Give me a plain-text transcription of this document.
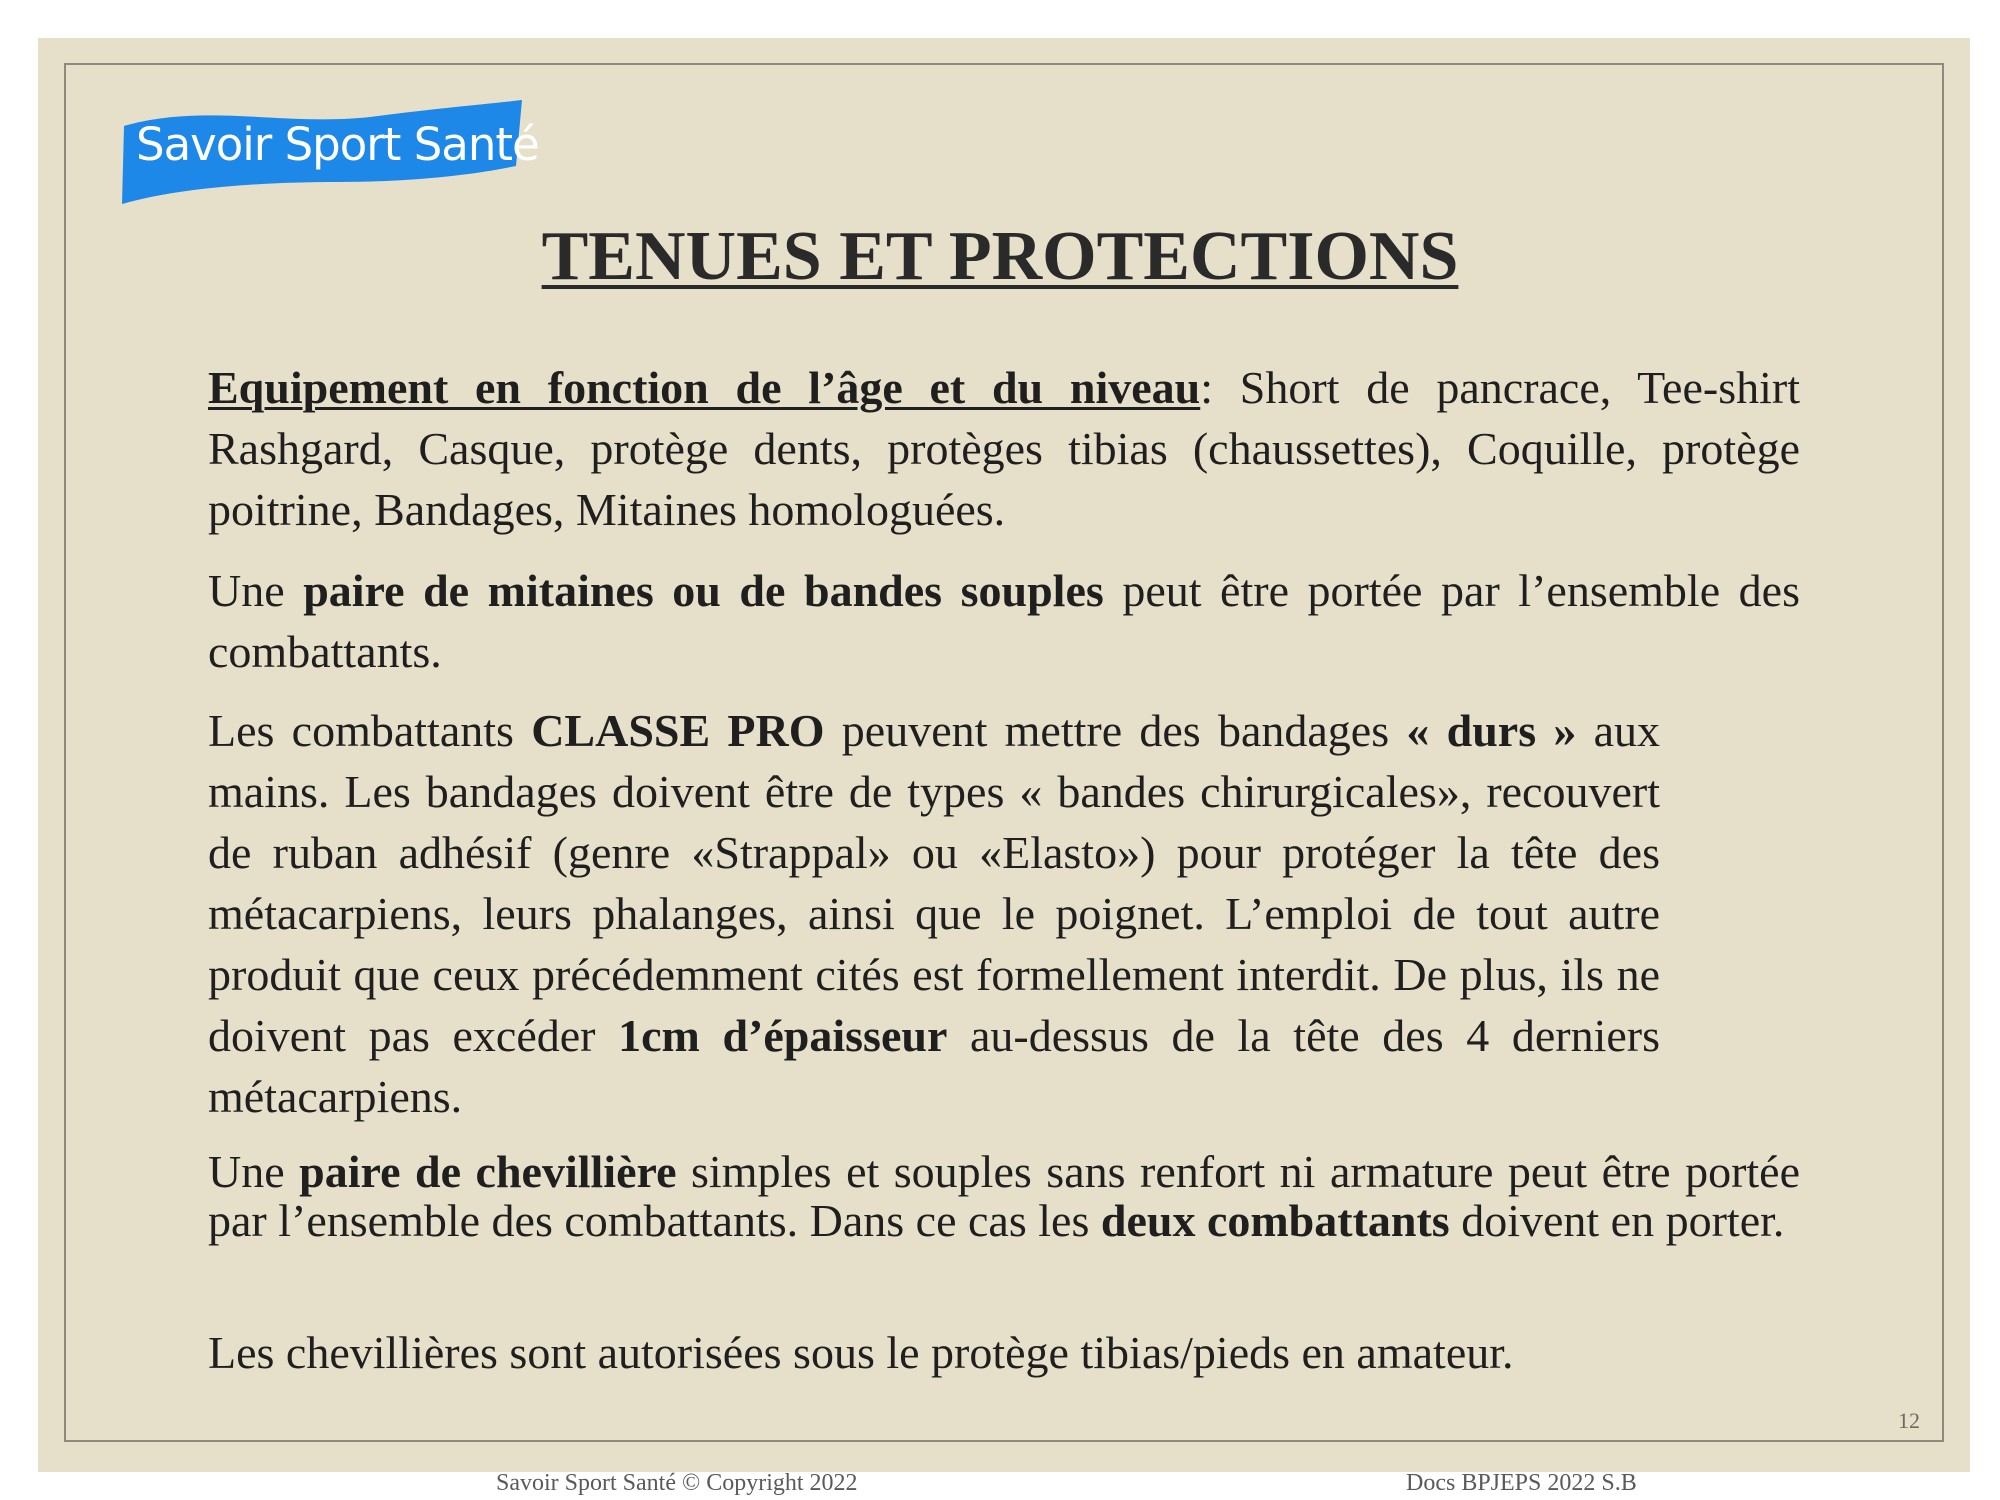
Savoir Sport Santé
TENUES ET PROTECTIONS

Equipement en fonction de l’âge et du niveau: Short de pancrace, Tee-shirt Rashgard, Casque, protège dents, protèges tibias (chaussettes), Coquille, protège poitrine, Bandages, Mitaines homologuées.

Une paire de mitaines ou de bandes souples peut être portée par l’ensemble des combattants.

Les combattants CLASSE PRO peuvent mettre des bandages « durs » aux mains. Les bandages doivent être de types « bandes chirurgicales», recouvert de ruban adhésif (genre «Strappal» ou «Elasto») pour protéger la tête des métacarpiens, leurs phalanges, ainsi que le poignet. L’emploi de tout autre produit que ceux précédemment cités est formellement interdit. De plus, ils ne doivent pas excéder 1cm d’épaisseur au-dessus de la tête des 4 derniers métacarpiens.

Une paire de chevillière simples et souples sans renfort ni armature peut être portée par l’ensemble des combattants. Dans ce cas les deux combattants doivent en porter.

Les chevillières sont autorisées sous le protège tibias/pieds en amateur.

12
Savoir Sport Santé © Copyright 2022	Docs BPJEPS 2022 S.B
